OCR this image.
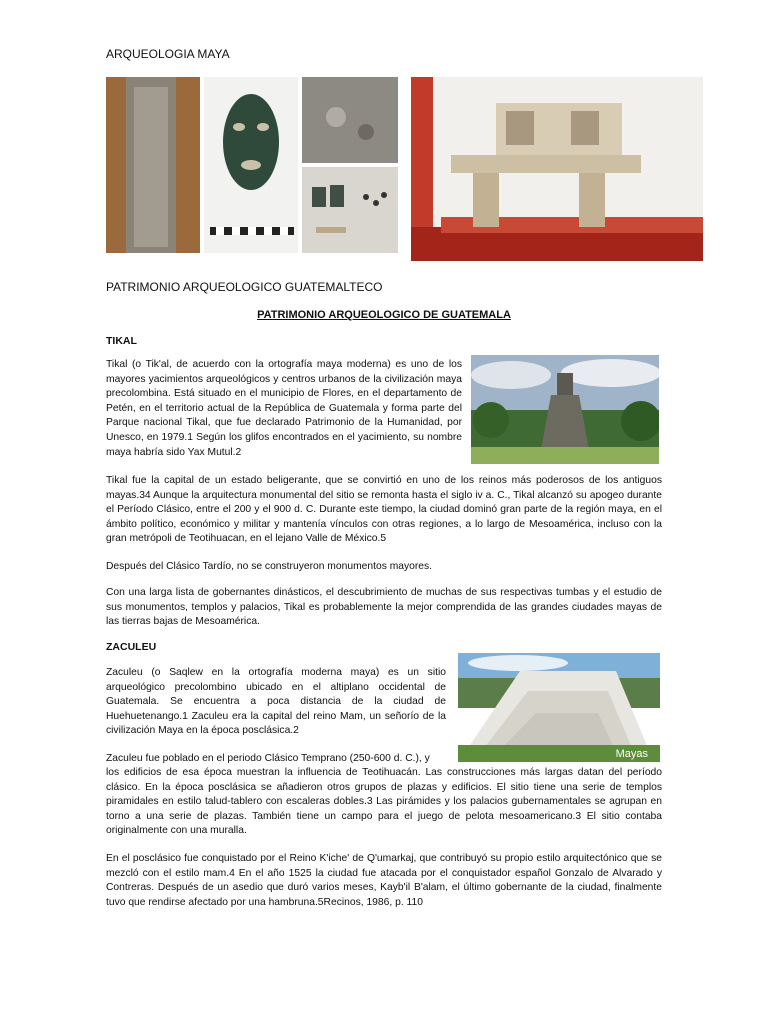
ARQUEOLOGIA MAYA
PATRIMONIO ARQUEOLOGICO GUATEMALTECO
PATRIMONIO ARQUEOLOGICO DE GUATEMALA
TIKAL
Tikal (o Tik'al, de acuerdo con la ortografía maya moderna) es uno de los mayores yacimientos arqueológicos y centros urbanos de la civilización maya precolombina. Está situado en el municipio de Flores, en el departamento de Petén, en el territorio actual de la República de Guatemala y forma parte del Parque nacional Tikal, que fue declarado Patrimonio de la Humanidad, por Unesco, en 1979.1 Según los glifos encontrados en el yacimiento, su nombre maya habría sido Yax Mutul.2
Tikal fue la capital de un estado beligerante, que se convirtió en uno de los reinos más poderosos de los antiguos mayas.34 Aunque la arquitectura monumental del sitio se remonta hasta el siglo iv a. C., Tikal alcanzó su apogeo durante el Período Clásico, entre el 200 y el 900 d. C. Durante este tiempo, la ciudad dominó gran parte de la región maya, en el ámbito político, económico y militar y mantenía vínculos con otras regiones, a lo largo de Mesoamérica, incluso con la gran metrópoli de Teotihuacan, en el lejano Valle de México.5
Después del Clásico Tardío, no se construyeron monumentos mayores.
Con una larga lista de gobernantes dinásticos, el descubrimiento de muchas de sus respectivas tumbas y el estudio de sus monumentos, templos y palacios, Tikal es probablemente la mejor comprendida de las grandes ciudades mayas de las tierras bajas de Mesoamérica.
ZACULEU
Zaculeu (o Saqlew en la ortografía moderna maya) es un sitio arqueológico precolombino ubicado en el altiplano occidental de Guatemala. Se encuentra a poca distancia de la ciudad de Huehuetenango.1 Zaculeu era la capital del reino Mam, un señorío de la civilización Maya en la época posclásica.2
Mayas
Zaculeu fue poblado en el periodo Clásico Temprano (250-600 d. C.), y
los edificios de esa época muestran la influencia de Teotihuacán. Las construcciones más largas datan del período clásico. En la época posclásica se añadieron otros grupos de plazas y edificios. El sitio tiene una serie de templos piramidales en estilo talud-tablero con escaleras dobles.3 Las pirámides y los palacios gubernamentales se agrupan en torno a una serie de plazas. También tiene un campo para el juego de pelota mesoamericano.3 El sitio contaba originalmente con una muralla.
En el posclásico fue conquistado por el Reino K'iche' de Q'umarkaj, que contribuyó su propio estilo arquitectónico que se mezcló con el estilo mam.4 En el año 1525 la ciudad fue atacada por el conquistador español Gonzalo de Alvarado y Contreras. Después de un asedio que duró varios meses, Kayb'il B'alam, el último gobernante de la ciudad, finalmente tuvo que rendirse afectado por una hambruna.5Recinos, 1986, p. 110
